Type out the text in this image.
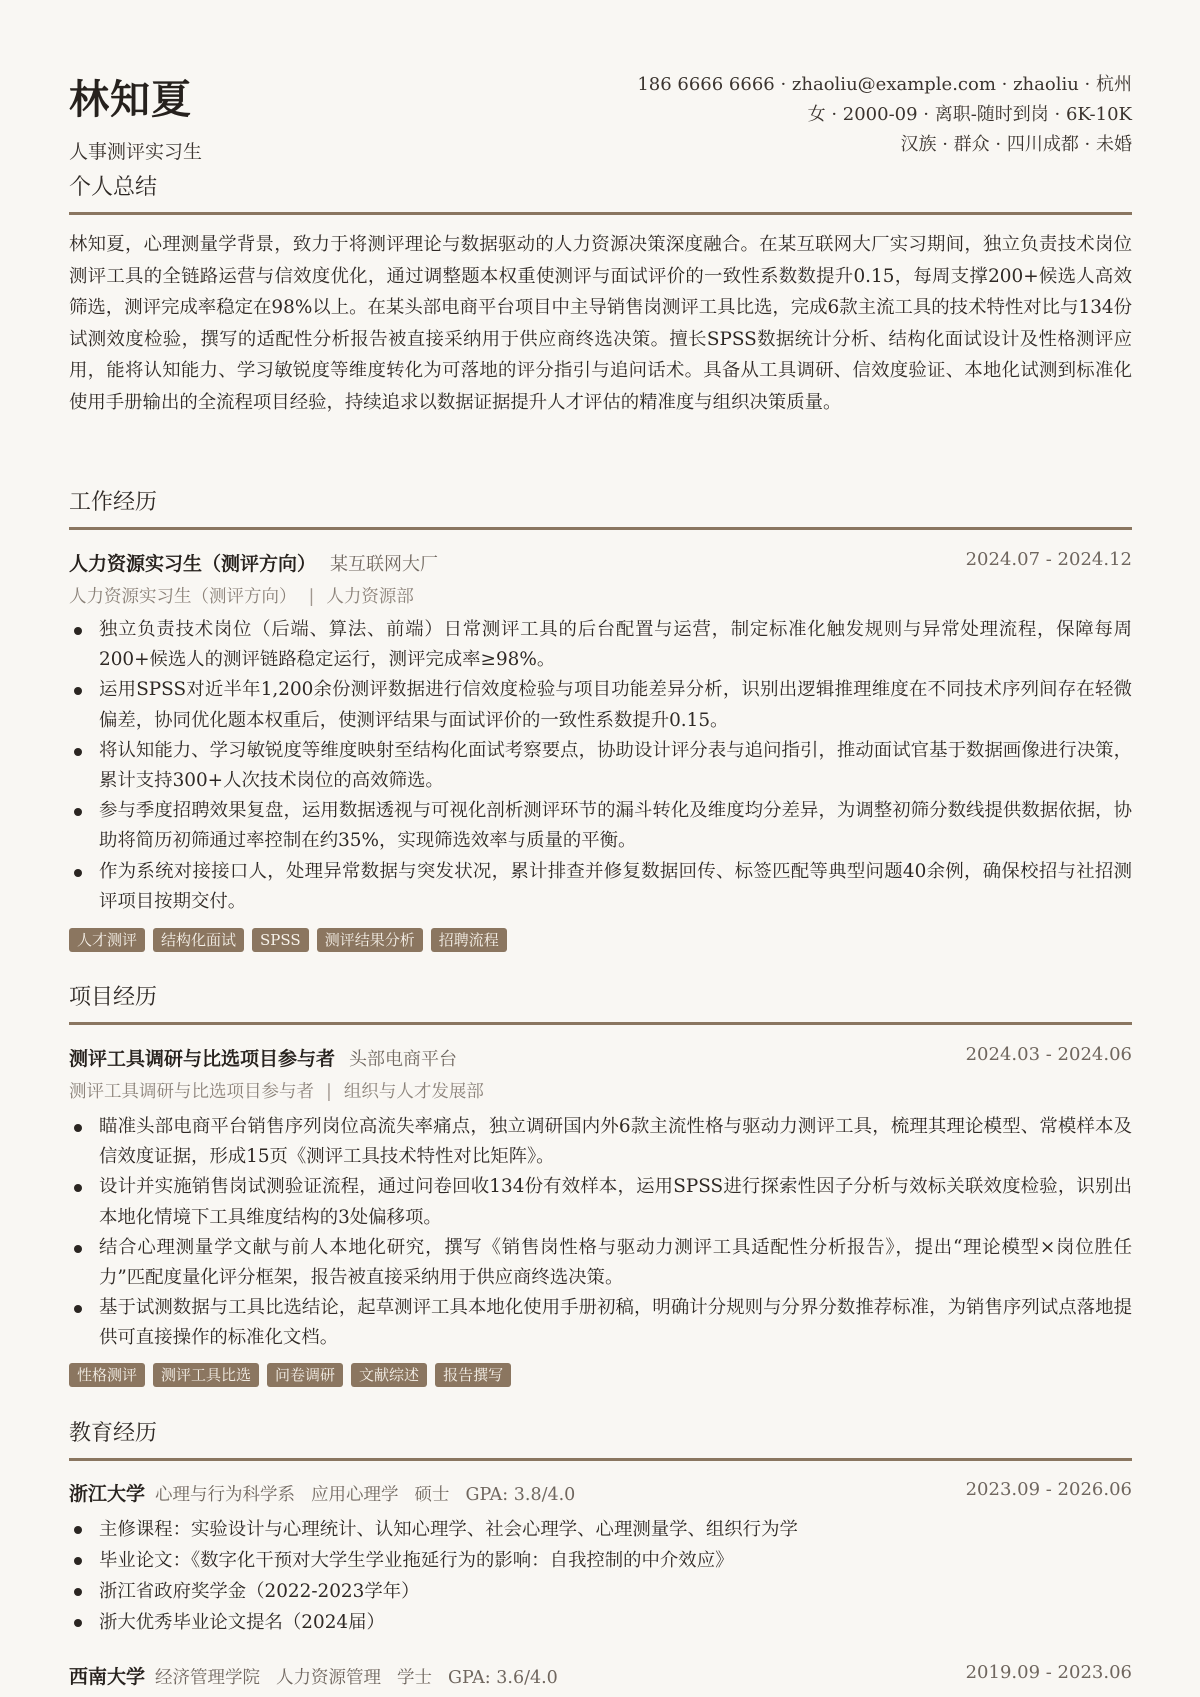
林知夏
人事测评实习生
186 6666 6666 · zhaoliu@example.com · zhaoliu · 杭州
女 · 2000-09 · 离职-随时到岗 · 6K-10K
汉族 · 群众 · 四川成都 · 未婚
个人总结
林知夏，心理测量学背景，致力于将测评理论与数据驱动的人力资源决策深度融合。在某互联网大厂实习期间，独立负责技术岗位测评工具的全链路运营与信效度优化，通过调整题本权重使测评与面试评价的一致性系数数提升0.15，每周支撑200+候选人高效筛选，测评完成率稳定在98%以上。在某头部电商平台项目中主导销售岗测评工具比选，完成6款主流工具的技术特性对比与134份试测效度检验，撰写的适配性分析报告被直接采纳用于供应商终选决策。擅长SPSS数据统计分析、结构化面试设计及性格测评应用，能将认知能力、学习敏锐度等维度转化为可落地的评分指引与追问话术。具备从工具调研、信效度验证、本地化试测到标准化使用手册输出的全流程项目经验，持续追求以数据证据提升人才评估的精准度与组织决策质量。
工作经历
人力资源实习生（测评方向） 某互联网大厂	2024.07 - 2024.12
人力资源实习生（测评方向） | 人力资源部
独立负责技术岗位（后端、算法、前端）日常测评工具的后台配置与运营，制定标准化触发规则与异常处理流程，保障每周200+候选人的测评链路稳定运行，测评完成率≥98%。
运用SPSS对近半年1,200余份测评数据进行信效度检验与项目功能差异分析，识别出逻辑推理维度在不同技术序列间存在轻微偏差，协同优化题本权重后，使测评结果与面试评价的一致性系数提升0.15。
将认知能力、学习敏锐度等维度映射至结构化面试考察要点，协助设计评分表与追问指引，推动面试官基于数据画像进行决策，累计支持300+人次技术岗位的高效筛选。
参与季度招聘效果复盘，运用数据透视与可视化剖析测评环节的漏斗转化及维度均分差异，为调整初筛分数线提供数据依据，协助将简历初筛通过率控制在约35%，实现筛选效率与质量的平衡。
作为系统对接接口人，处理异常数据与突发状况，累计排查并修复数据回传、标签匹配等典型问题40余例，确保校招与社招测评项目按期交付。
人才测评	结构化面试	SPSS	测评结果分析	招聘流程
项目经历
测评工具调研与比选项目参与者 头部电商平台	2024.03 - 2024.06
测评工具调研与比选项目参与者 | 组织与人才发展部
瞄准头部电商平台销售序列岗位高流失率痛点，独立调研国内外6款主流性格与驱动力测评工具，梳理其理论模型、常模样本及信效度证据，形成15页《测评工具技术特性对比矩阵》。
设计并实施销售岗试测验证流程，通过问卷回收134份有效样本，运用SPSS进行探索性因子分析与效标关联效度检验，识别出本地化情境下工具维度结构的3处偏移项。
结合心理测量学文献与前人本地化研究，撰写《销售岗性格与驱动力测评工具适配性分析报告》，提出“理论模型×岗位胜任力”匹配度量化评分框架，报告被直接采纳用于供应商终选决策。
基于试测数据与工具比选结论，起草测评工具本地化使用手册初稿，明确计分规则与分界分数推荐标准，为销售序列试点落地提供可直接操作的标准化文档。
性格测评	测评工具比选	问卷调研	文献综述	报告撰写
教育经历
浙江大学 心理与行为科学系 应用心理学 硕士 GPA: 3.8/4.0	2023.09 - 2026.06
主修课程：实验设计与心理统计、认知心理学、社会心理学、心理测量学、组织行为学
毕业论文：《数字化干预对大学生学业拖延行为的影响：自我控制的中介效应》
浙江省政府奖学金（2022-2023学年）
浙大优秀毕业论文提名（2024届）
西南大学 经济管理学院 人力资源管理 学士 GPA: 3.6/4.0	2019.09 - 2023.06
